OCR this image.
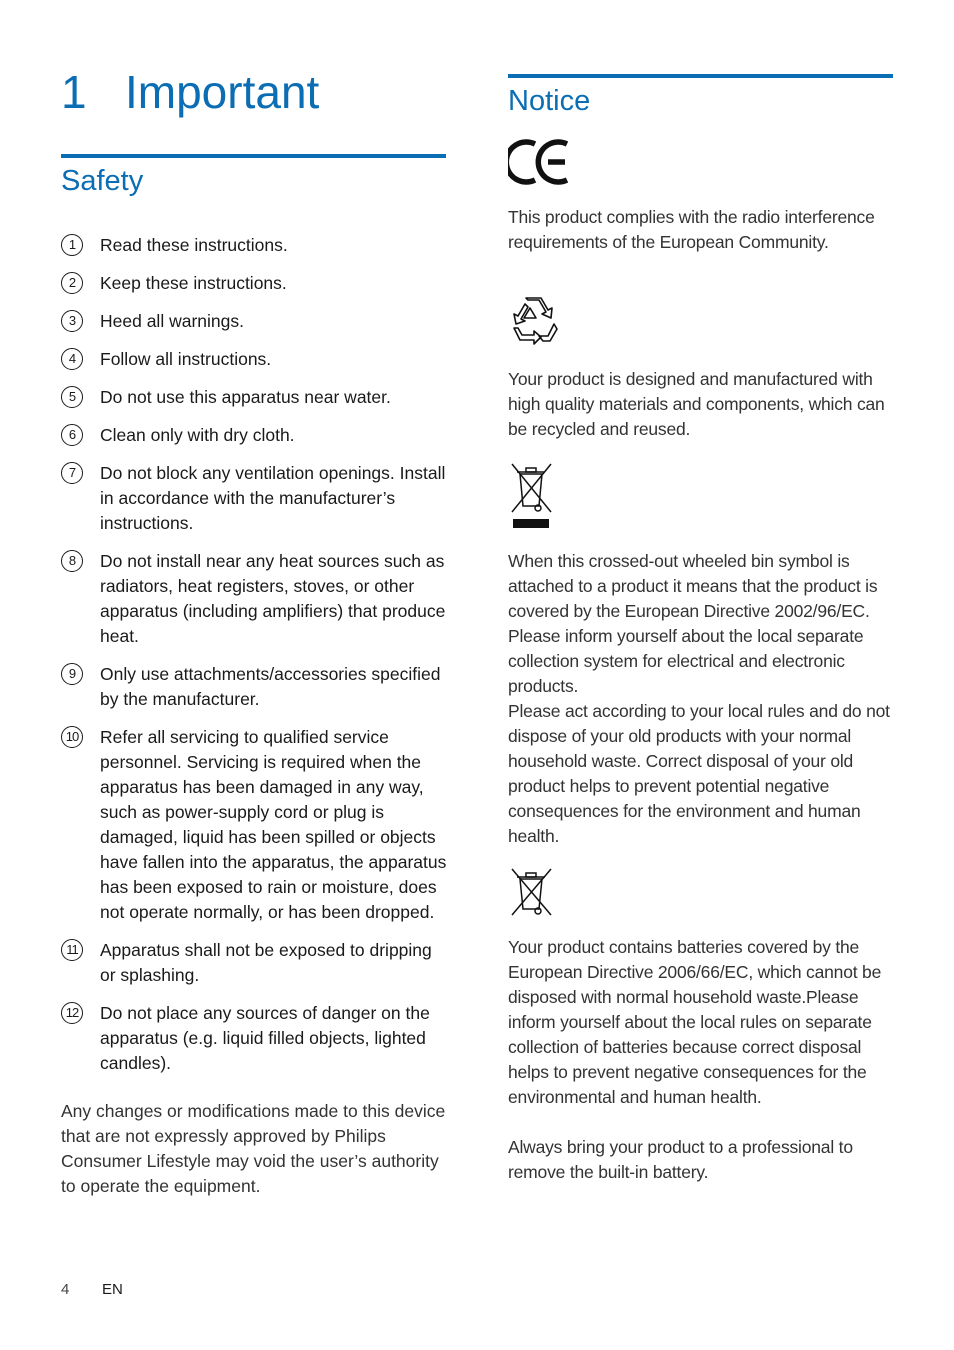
1 Important
Safety
1	Read these instructions.
2	Keep these instructions.
3	Heed all warnings.
4	Follow all instructions.
5	Do not use this apparatus near water.
6	Clean only with dry cloth.
7	Do not block any ventilation openings. Install in accordance with the manufacturer’s instructions.
8	Do not install near any heat sources such as radiators, heat registers, stoves, or other apparatus (including amplifiers) that produce heat.
9	Only use attachments/accessories specified by the manufacturer.
10 Refer all servicing to qualified service personnel. Servicing is required when the apparatus has been damaged in any way, such as power-supply cord or plug is damaged, liquid has been spilled or objects have fallen into the apparatus, the apparatus has been exposed to rain or moisture, does not operate normally, or has been dropped.
11	Apparatus shall not be exposed to dripping or splashing.
12 Do not place any sources of danger on the apparatus (e.g. liquid filled objects, lighted candles).

Any changes or modifications made to this device that are not expressly approved by Philips Consumer Lifestyle may void the user’s authority to operate the equipment.

Notice

This product complies with the radio interference requirements of the European Community.

Your product is designed and manufactured with high quality materials and components, which can be recycled and reused.

When this crossed-out wheeled bin symbol is attached to a product it means that the product is covered by the European Directive 2002/96/EC. Please inform yourself about the local separate collection system for electrical and electronic products.

Please act according to your local rules and do not dispose of your old products with your normal household waste. Correct disposal of your old product helps to prevent potential negative consequences for the environment and human health.

Your product contains batteries covered by the European Directive 2006/66/EC, which cannot be disposed with normal household waste.Please inform yourself about the local rules on separate collection of batteries because correct disposal helps to prevent negative consequences for the environmental and human health.

Always bring your product to a professional to remove the built-in battery.

4 EN
